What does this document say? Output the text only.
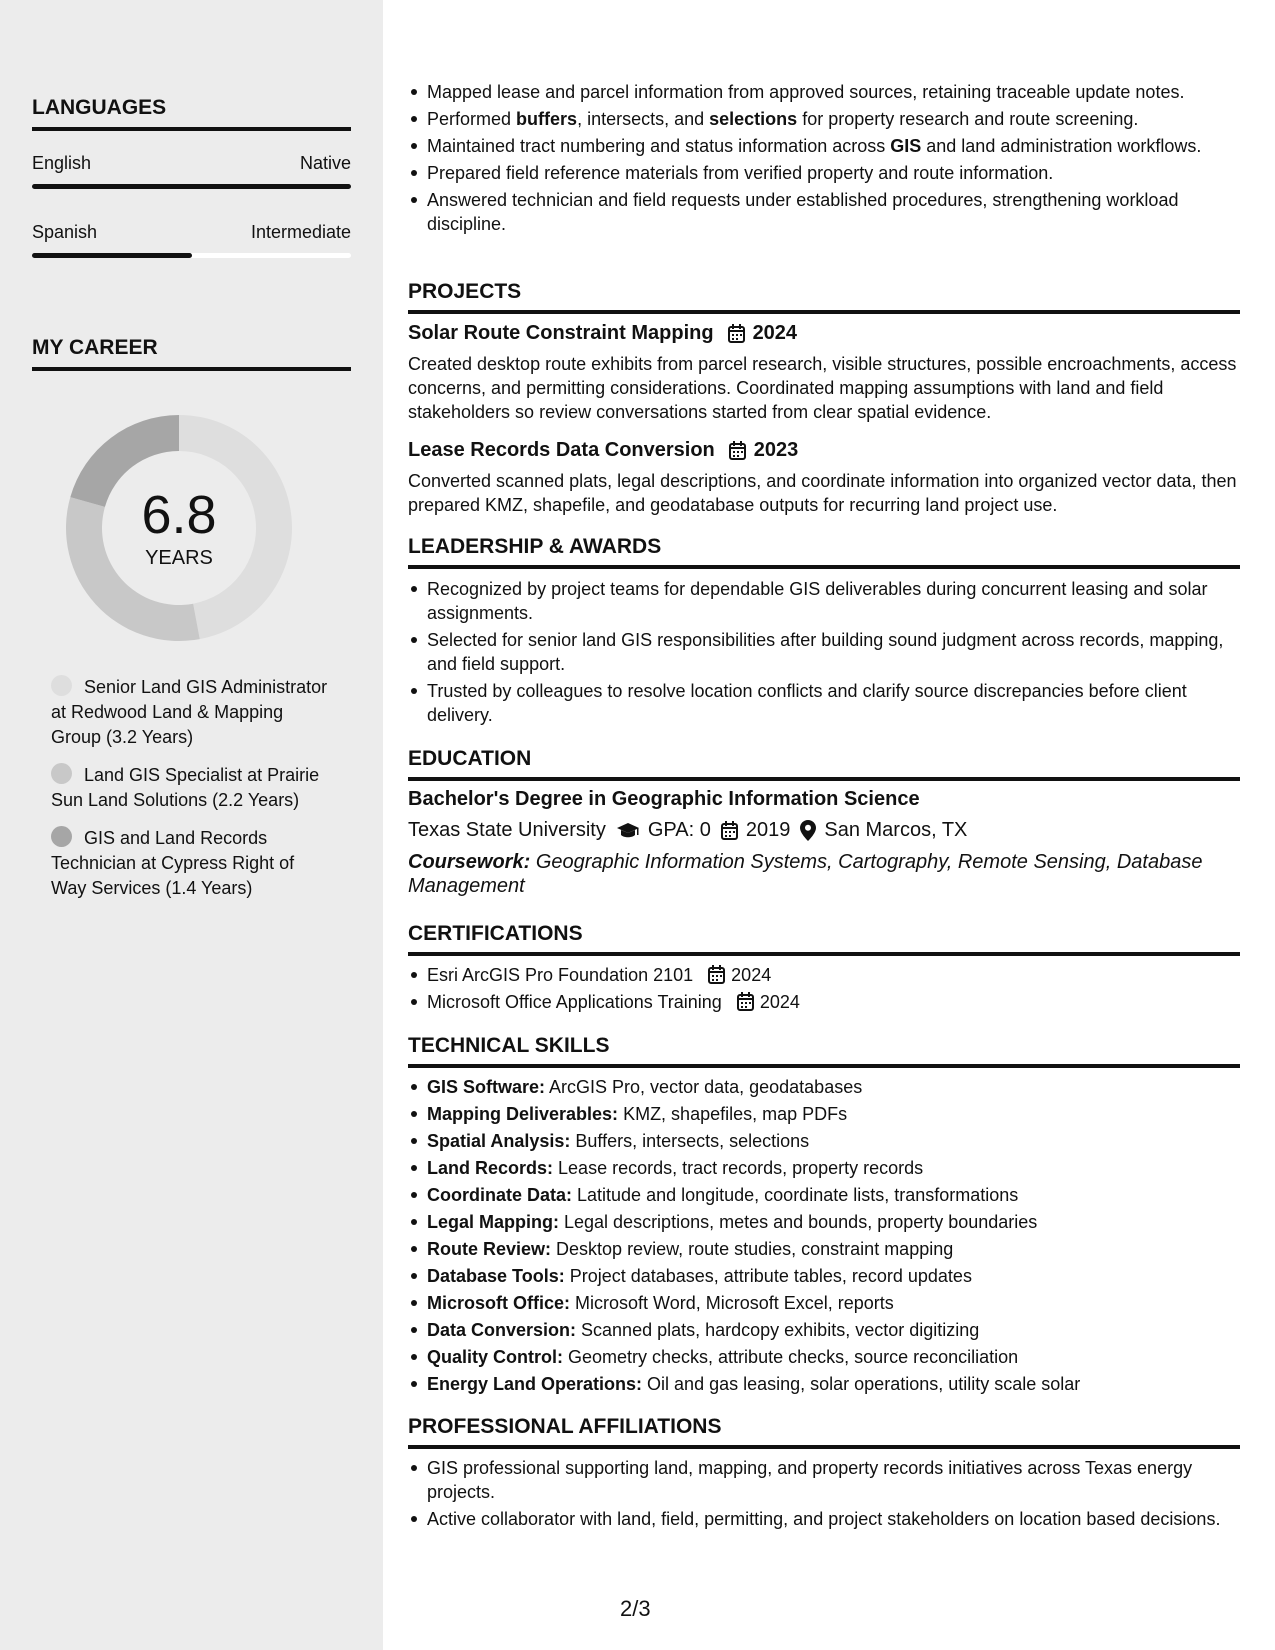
LANGUAGES
English	Native
Spanish	Intermediate
MY CAREER
6.8
YEARS
Senior Land GIS Administrator at Redwood Land & Mapping Group (3.2 Years)
Land GIS Specialist at Prairie Sun Land Solutions (2.2 Years)
GIS and Land Records Technician at Cypress Right of Way Services (1.4 Years)
Mapped lease and parcel information from approved sources, retaining traceable update notes.
Performed buffers, intersects, and selections for property research and route screening.
Maintained tract numbering and status information across GIS and land administration workflows.
Prepared field reference materials from verified property and route information.
Answered technician and field requests under established procedures, strengthening workload discipline.
PROJECTS
Solar Route Constraint Mapping 2024
Created desktop route exhibits from parcel research, visible structures, possible encroachments, access concerns, and permitting considerations. Coordinated mapping assumptions with land and field stakeholders so review conversations started from clear spatial evidence.
Lease Records Data Conversion 2023
Converted scanned plats, legal descriptions, and coordinate information into organized vector data, then prepared KMZ, shapefile, and geodatabase outputs for recurring land project use.
LEADERSHIP & AWARDS
Recognized by project teams for dependable GIS deliverables during concurrent leasing and solar assignments.
Selected for senior land GIS responsibilities after building sound judgment across records, mapping, and field support.
Trusted by colleagues to resolve location conflicts and clarify source discrepancies before client delivery.
EDUCATION
Bachelor's Degree in Geographic Information Science
Texas State University GPA: 0 2019 San Marcos, TX
Coursework: Geographic Information Systems, Cartography, Remote Sensing, Database Management
CERTIFICATIONS
Esri ArcGIS Pro Foundation 2101 2024
Microsoft Office Applications Training 2024
TECHNICAL SKILLS
GIS Software: ArcGIS Pro, vector data, geodatabases
Mapping Deliverables: KMZ, shapefiles, map PDFs
Spatial Analysis: Buffers, intersects, selections
Land Records: Lease records, tract records, property records
Coordinate Data: Latitude and longitude, coordinate lists, transformations
Legal Mapping: Legal descriptions, metes and bounds, property boundaries
Route Review: Desktop review, route studies, constraint mapping
Database Tools: Project databases, attribute tables, record updates
Microsoft Office: Microsoft Word, Microsoft Excel, reports
Data Conversion: Scanned plats, hardcopy exhibits, vector digitizing
Quality Control: Geometry checks, attribute checks, source reconciliation
Energy Land Operations: Oil and gas leasing, solar operations, utility scale solar
PROFESSIONAL AFFILIATIONS
GIS professional supporting land, mapping, and property records initiatives across Texas energy projects.
Active collaborator with land, field, permitting, and project stakeholders on location based decisions.
2/3
